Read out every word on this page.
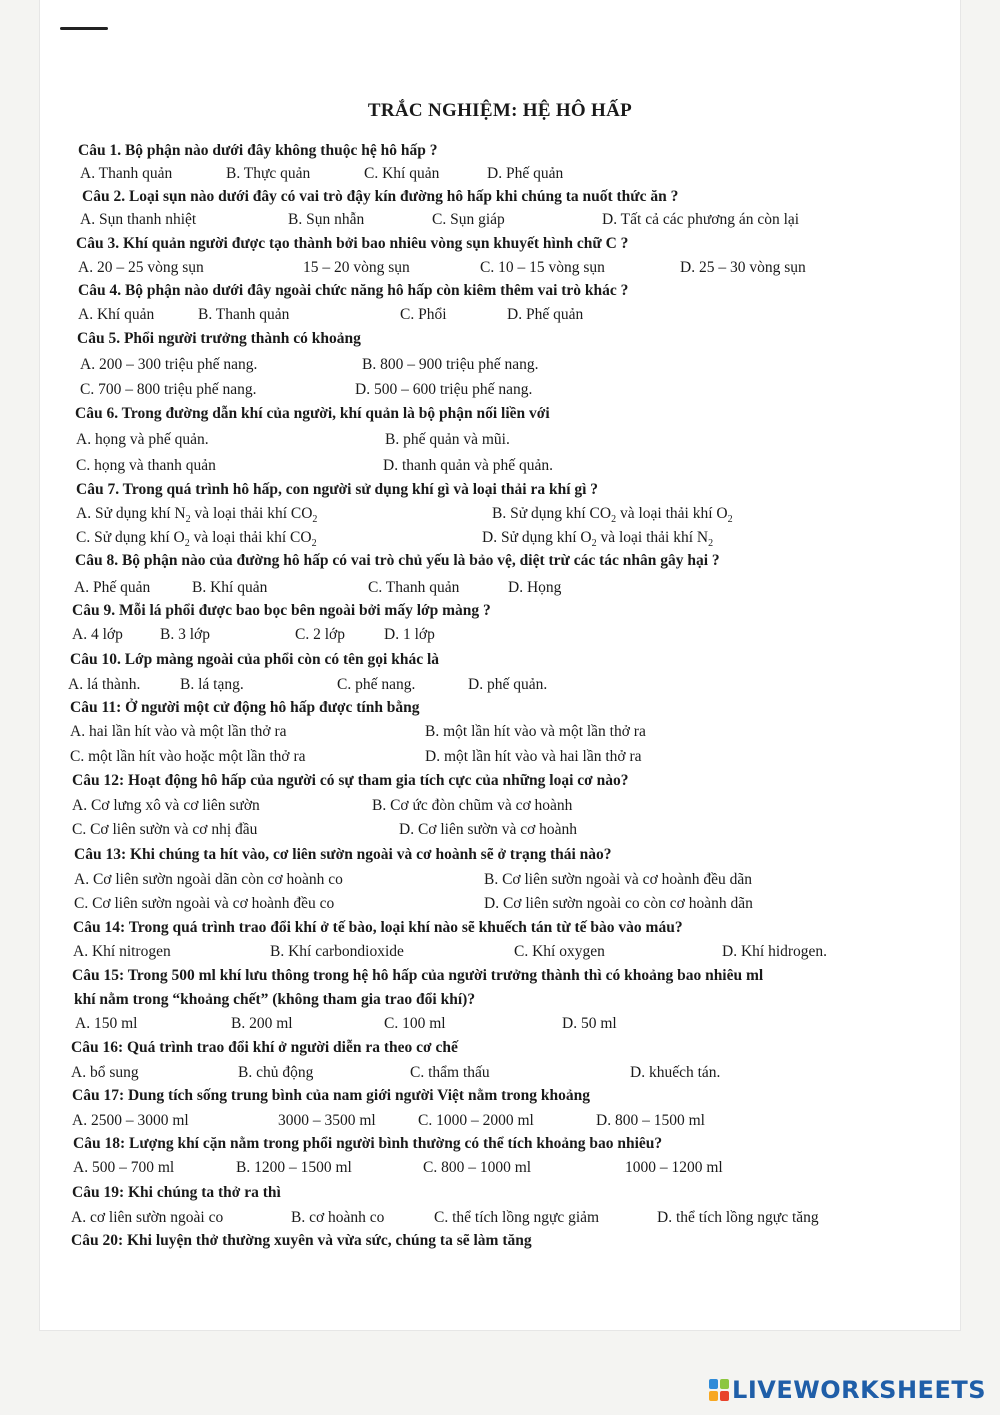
TRẮC NGHIỆM: HỆ HÔ HẤP
Câu 1. Bộ phận nào dưới đây không thuộc hệ hô hấp ?
A. Thanh quản	B. Thực quản	C. Khí quản	D. Phế quản
Câu 2. Loại sụn nào dưới đây có vai trò đậy kín đường hô hấp khi chúng ta nuốt thức ăn ?
A. Sụn thanh nhiệt	B. Sụn nhẫn	C. Sụn giáp	D. Tất cả các phương án còn lại
Câu 3. Khí quản người được tạo thành bởi bao nhiêu vòng sụn khuyết hình chữ C ?
A. 20 – 25 vòng sụn	15 – 20 vòng sụn	C. 10 – 15 vòng sụn	D. 25 – 30 vòng sụn
Câu 4. Bộ phận nào dưới đây ngoài chức năng hô hấp còn kiêm thêm vai trò khác ?
A. Khí quản	B. Thanh quản	C. Phổi	D. Phế quản
Câu 5. Phổi người trưởng thành có khoảng
A. 200 – 300 triệu phế nang.	B. 800 – 900 triệu phế nang.
C. 700 – 800 triệu phế nang.	D. 500 – 600 triệu phế nang.
Câu 6. Trong đường dẫn khí của người, khí quản là bộ phận nối liền với
A. họng và phế quản.	B. phế quản và mũi.
C. họng và thanh quản	D. thanh quản và phế quản.
Câu 7. Trong quá trình hô hấp, con người sử dụng khí gì và loại thải ra khí gì ?
A. Sử dụng khí $N_2$ và loại thải khí $CO_2$	B. Sử dụng khí $CO_2$ và loại thải khí $O_2$
C. Sử dụng khí $O_2$ và loại thải khí $CO_2$	D. Sử dụng khí $O_2$ và loại thải khí $N_2$
Câu 8. Bộ phận nào của đường hô hấp có vai trò chủ yếu là bảo vệ, diệt trừ các tác nhân gây hại ?
A. Phế quản	B. Khí quản	C. Thanh quản	D. Họng
Câu 9. Mỗi lá phổi được bao bọc bên ngoài bởi mấy lớp màng ?
A. 4 lớp B. 3 lớp	C. 2 lớp	D. 1 lớp
Câu 10. Lớp màng ngoài của phổi còn có tên gọi khác là
A. lá thành.	B. lá tạng.	C. phế nang.	D. phế quản.
Câu 11: Ở người một cử động hô hấp được tính bằng
A. hai lần hít vào và một lần thở ra	B. một lần hít vào và một lần thở ra
C. một lần hít vào hoặc một lần thở ra	D. một lần hít vào và hai lần thở ra
Câu 12: Hoạt động hô hấp của người có sự tham gia tích cực của những loại cơ nào?
A. Cơ lưng xô và cơ liên sườn	B. Cơ ức đòn chũm và cơ hoành
C. Cơ liên sườn và cơ nhị đầu	D. Cơ liên sườn và cơ hoành
Câu 13: Khi chúng ta hít vào, cơ liên sườn ngoài và cơ hoành sẽ ở trạng thái nào?
A. Cơ liên sườn ngoài dãn còn cơ hoành co	B. Cơ liên sườn ngoài và cơ hoành đều dãn
C. Cơ liên sườn ngoài và cơ hoành đều co	D. Cơ liên sườn ngoài co còn cơ hoành dãn
Câu 14: Trong quá trình trao đổi khí ở tế bào, loại khí nào sẽ khuếch tán từ tế bào vào máu?
A. Khí nitrogen	B. Khí carbondioxide	C. Khí oxygen	D. Khí hidrogen.
Câu 15: Trong 500 ml khí lưu thông trong hệ hô hấp của người trưởng thành thì có khoảng bao nhiêu ml
khí nằm trong “khoảng chết” (không tham gia trao đổi khí)?
A. 150 ml	B. 200 ml	C. 100 ml	D. 50 ml
Câu 16: Quá trình trao đổi khí ở người diễn ra theo cơ chế
A. bổ sung	B. chủ động	C. thẩm thấu	D. khuếch tán.
Câu 17: Dung tích sống trung bình của nam giới người Việt nằm trong khoảng
A. 2500 – 3000 ml	3000 – 3500 ml	C. 1000 – 2000 ml	D. 800 – 1500 ml
Câu 18: Lượng khí cặn nằm trong phổi người bình thường có thể tích khoảng bao nhiêu?
A. 500 – 700 ml	B. 1200 – 1500 ml	C. 800 – 1000 ml	1000 – 1200 ml
Câu 19: Khi chúng ta thở ra thì
A. cơ liên sườn ngoài co	B. cơ hoành co	C. thể tích lồng ngực giảm	D. thể tích lồng ngực tăng
Câu 20: Khi luyện thở thường xuyên và vừa sức, chúng ta sẽ làm tăng
LIVEWORKSHEETS
